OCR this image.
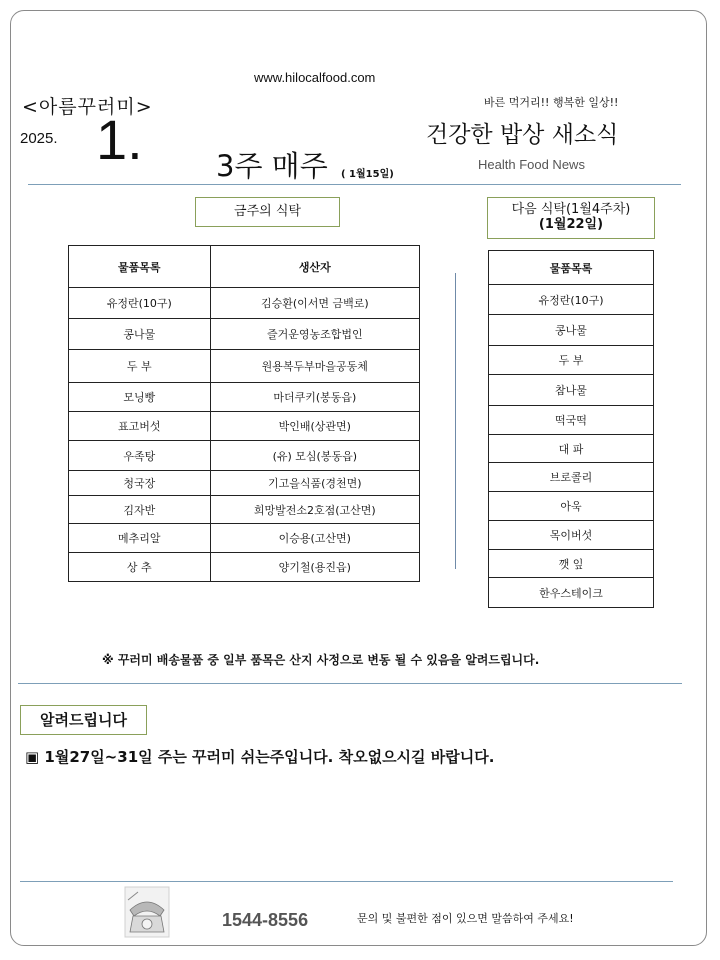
www.hilocalfood.com
<아름꾸러미>	바른 먹거리!! 행복한 일상!!
2025. 1.	3주 매주 ( 1월15일)
건강한 밥상 새소식
Health Food News
금주의 식탁	다음 식탁(1월4주차)
(1월22일)
물품목록	생산자
유정란(10구)	김승환(이서면 금백로)
콩나물	즐거운영농조합법인
두 부	원용복두부마을공동체
모닝빵	마더쿠키(봉동읍)
표고버섯	박인배(상관면)
우족탕	(유) 모심(봉동읍)
청국장	기고을식품(경천면)
김자반	희망발전소2호점(고산면)
메추리알	이승용(고산면)
상 추	양기철(용진읍)
물품목록
유정란(10구)
콩나물
두 부
참나물
떡국떡
대 파
브로콜리
아욱
목이버섯
깻 잎
한우스테이크
※ 꾸러미 배송물품 중 일부 품목은 산지 사정으로 변동 될 수 있음을 알려드립니다.
알려드립니다
▣ 1월27일~31일 주는 꾸러미 쉬는주입니다. 착오없으시길 바랍니다.
1544-8556	문의 및 불편한 점이 있으면 말씀하여 주세요!
